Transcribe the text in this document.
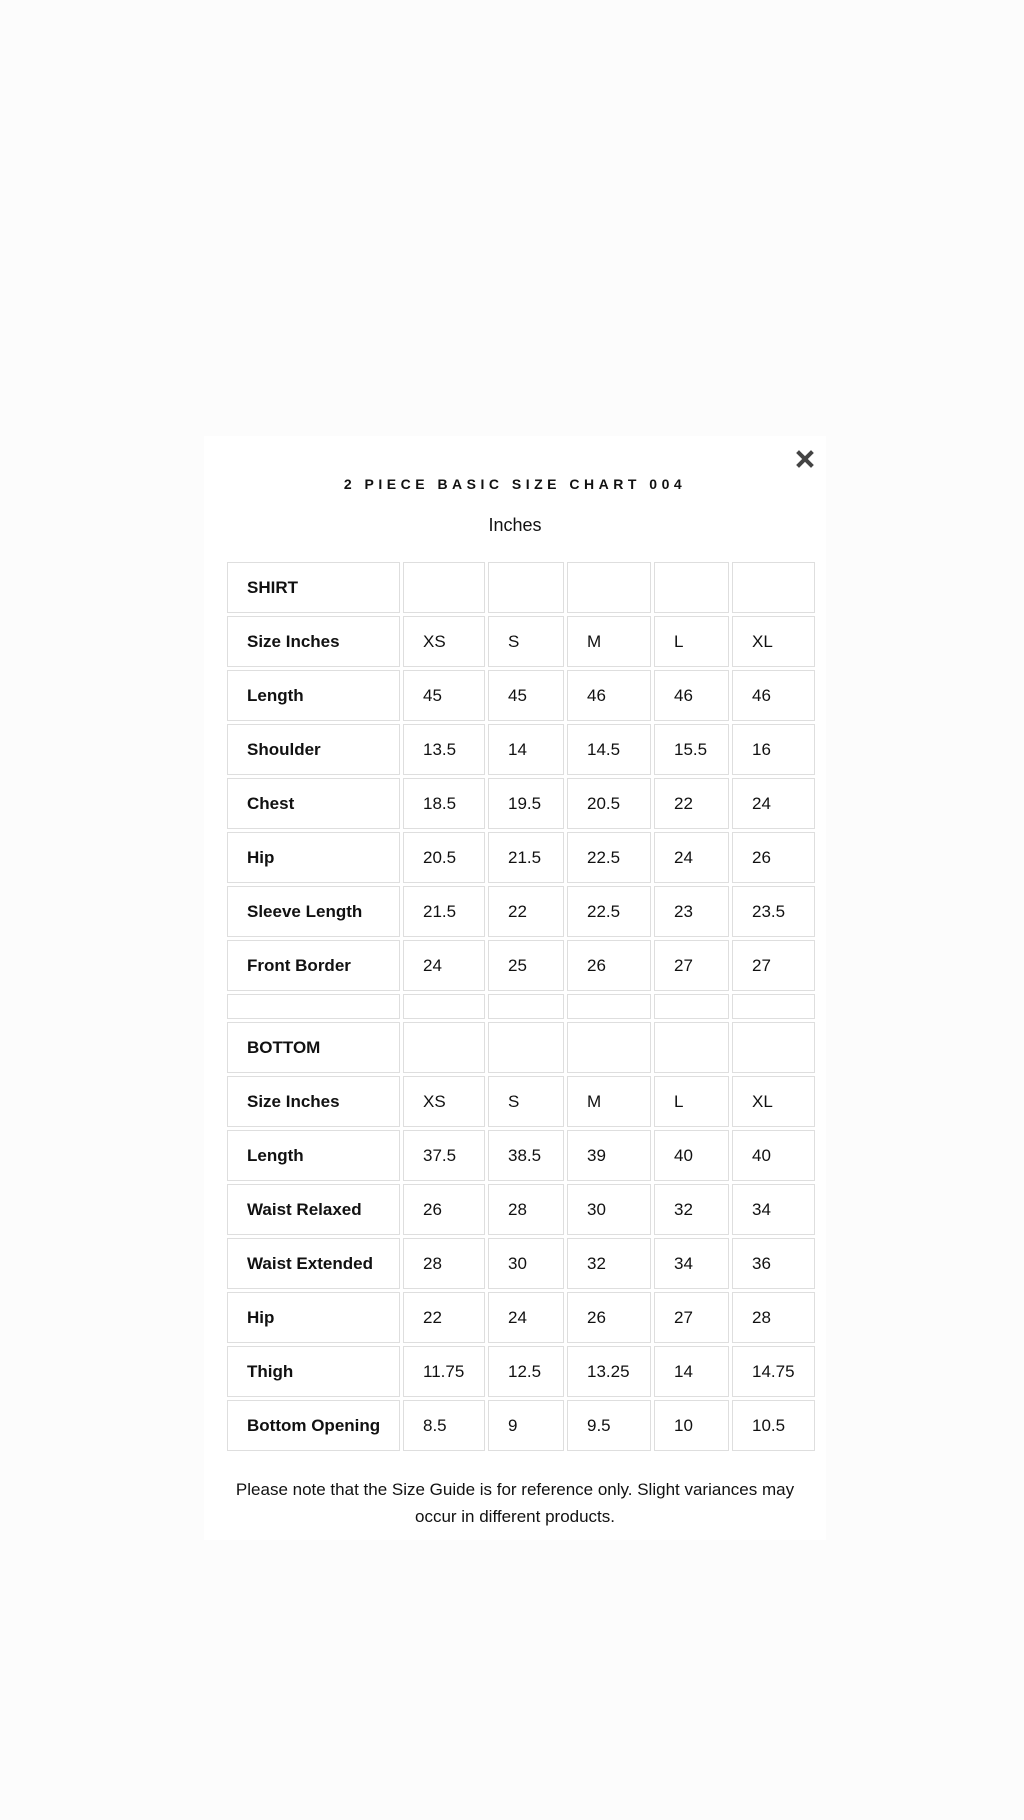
2 PIECE BASIC SIZE CHART 004

Inches

SHIRT					
Size Inches	XS	S	M	L	XL
Length	45	45	46	46	46
Shoulder	13.5	14	14.5	15.5	16
Chest	18.5	19.5	20.5	22	24
Hip	20.5	21.5	22.5	24	26
Sleeve Length	21.5	22	22.5	23	23.5
Front Border	24	25	26	27	27

BOTTOM					
Size Inches	XS	S	M	L	XL
Length	37.5	38.5	39	40	40
Waist Relaxed	26	28	30	32	34
Waist Extended	28	30	32	34	36
Hip	22	24	26	27	28
Thigh	11.75	12.5	13.25	14	14.75
Bottom Opening	8.5	9	9.5	10	10.5

Please note that the Size Guide is for reference only. Slight variances may occur in different products.
